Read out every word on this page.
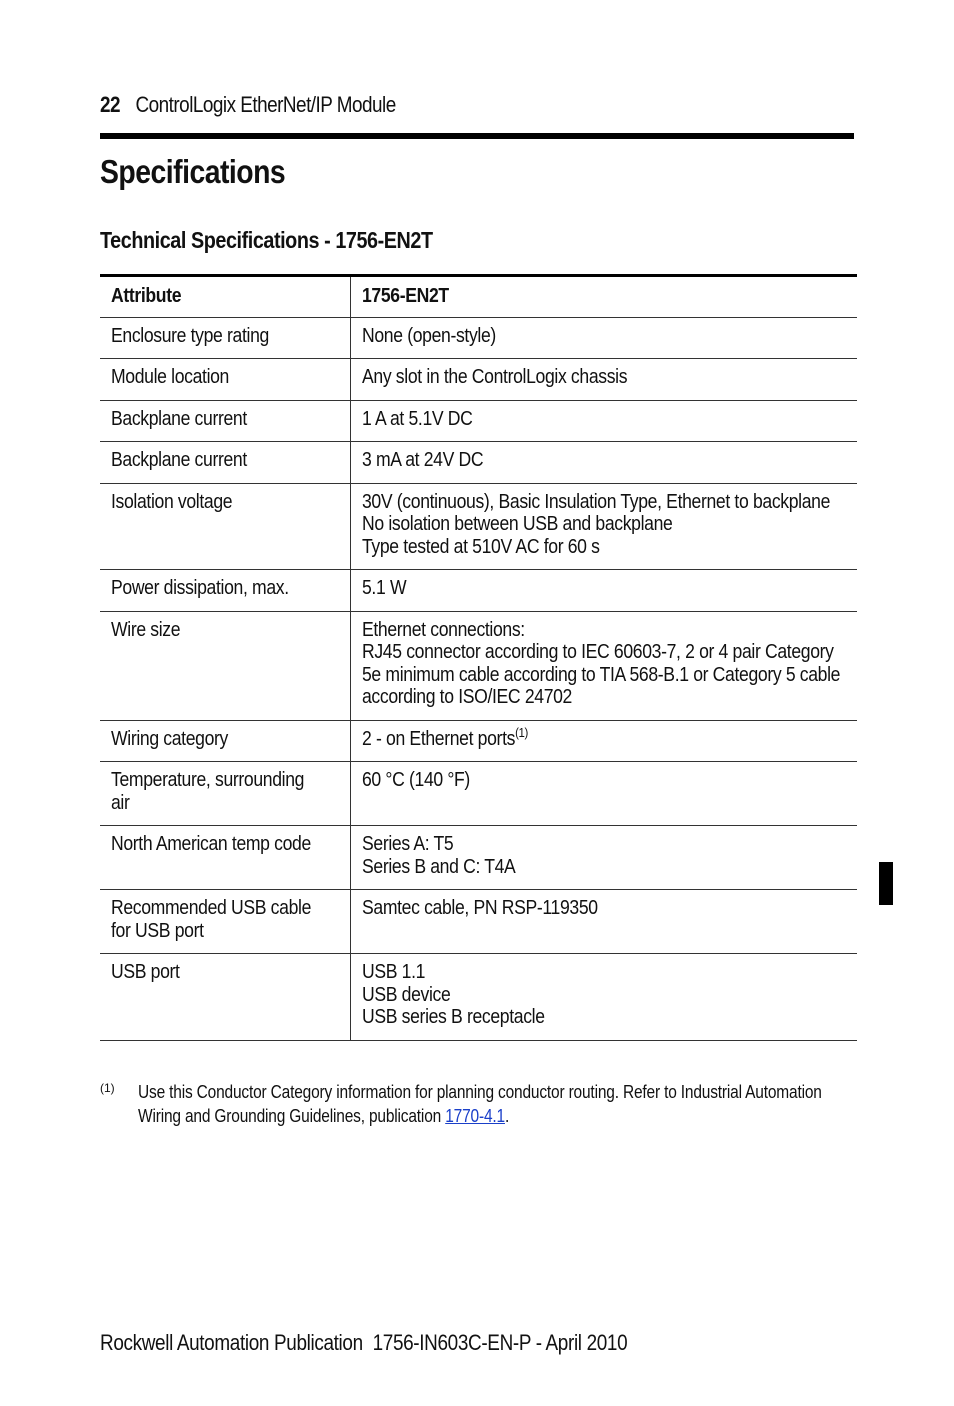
22 ControlLogix EtherNet/IP Module
Specifications
Technical Specifications - 1756-EN2T
Attribute	1756-EN2T
Enclosure type rating	None (open-style)

Module location	Any slot in the ControlLogix chassis

Backplane current	1 A at 5.1V DC

Backplane current	3 mA at 24V DC

Isolation voltage	30V (continuous), Basic Insulation Type, Ethernet to backplane
No isolation between USB and backplane
Type tested at 510V AC for 60 s

Power dissipation, max.	5.1 W

Wire size	Ethernet connections:
RJ45 connector according to IEC 60603-7, 2 or 4 pair Category 5e minimum cable according to TIA 568-B.1 or Category 5 cable according to ISO/IEC 24702

Wiring category	2 - on Ethernet ports$^{(1)}$

Temperature, surrounding air	60 °C (140 °F)

North American temp code	Series A: T5
Series B and C: T4A

Recommended USB cable for USB port	Samtec cable, PN RSP-119350

USB port	USB 1.1
USB device
USB series B receptacle
(1) Use this Conductor Category information for planning conductor routing. Refer to Industrial Automation Wiring and Grounding Guidelines, publication 1770-4.1.
Rockwell Automation Publication  1756-IN603C-EN-P - April 2010
